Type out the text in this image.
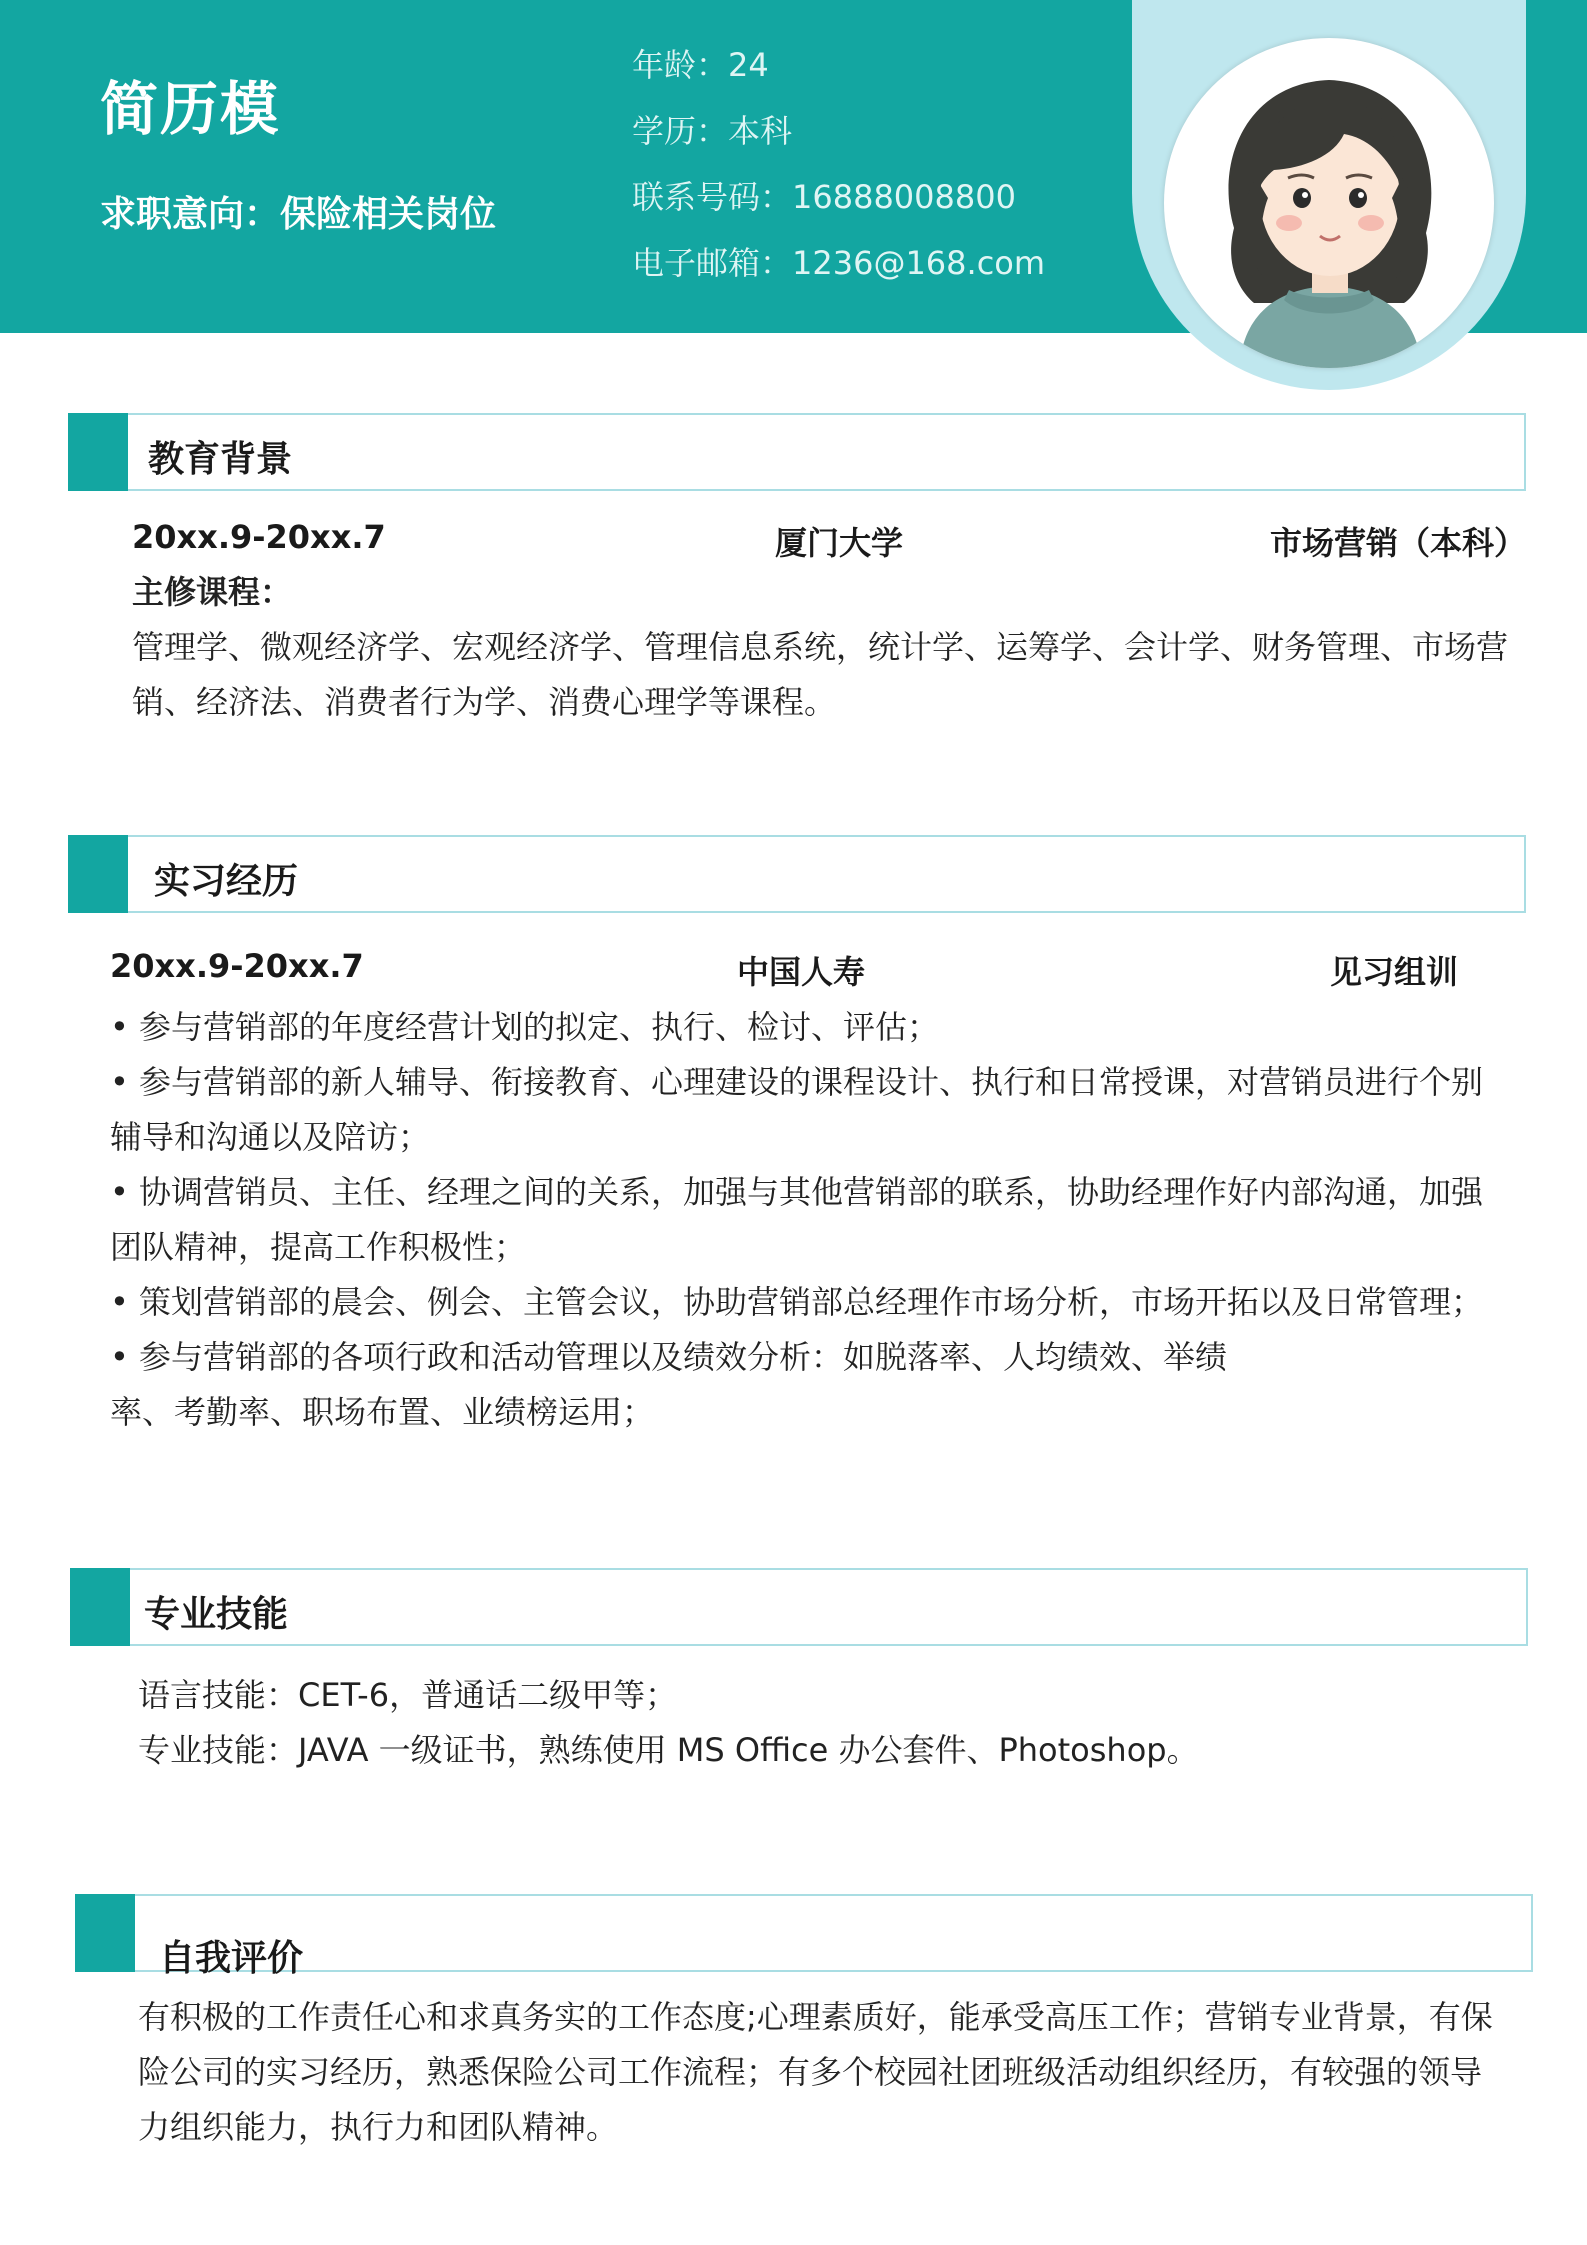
简历模
求职意向：保险相关岗位
年龄：24
学历：本科
联系号码：16888008800
电子邮箱：1236@168.com
教育背景
20xx.9-20xx.7	厦门大学	市场营销（本科）
主修课程：
管理学、微观经济学、宏观经济学、管理信息系统，统计学、运筹学、会计学、财务管理、市场营
销、经济法、消费者行为学、消费心理学等课程。
实习经历
20xx.9-20xx.7	中国人寿	见习组训
• 参与营销部的年度经营计划的拟定、执行、检讨、评估；
• 参与营销部的新人辅导、衔接教育、心理建设的课程设计、执行和日常授课，对营销员进行个别
辅导和沟通以及陪访；
• 协调营销员、主任、经理之间的关系，加强与其他营销部的联系，协助经理作好内部沟通，加强
团队精神，提高工作积极性；
• 策划营销部的晨会、例会、主管会议，协助营销部总经理作市场分析，市场开拓以及日常管理；
• 参与营销部的各项行政和活动管理以及绩效分析：如脱落率、人均绩效、举绩
率、考勤率、职场布置、业绩榜运用；
专业技能
语言技能：CET-6，普通话二级甲等；
专业技能：JAVA 一级证书，熟练使用 MS Office 办公套件、Photoshop。
自我评价
有积极的工作责任心和求真务实的工作态度;心理素质好，能承受高压工作；营销专业背景，有保
险公司的实习经历，熟悉保险公司工作流程；有多个校园社团班级活动组织经历，有较强的领导
力组织能力，执行力和团队精神。
